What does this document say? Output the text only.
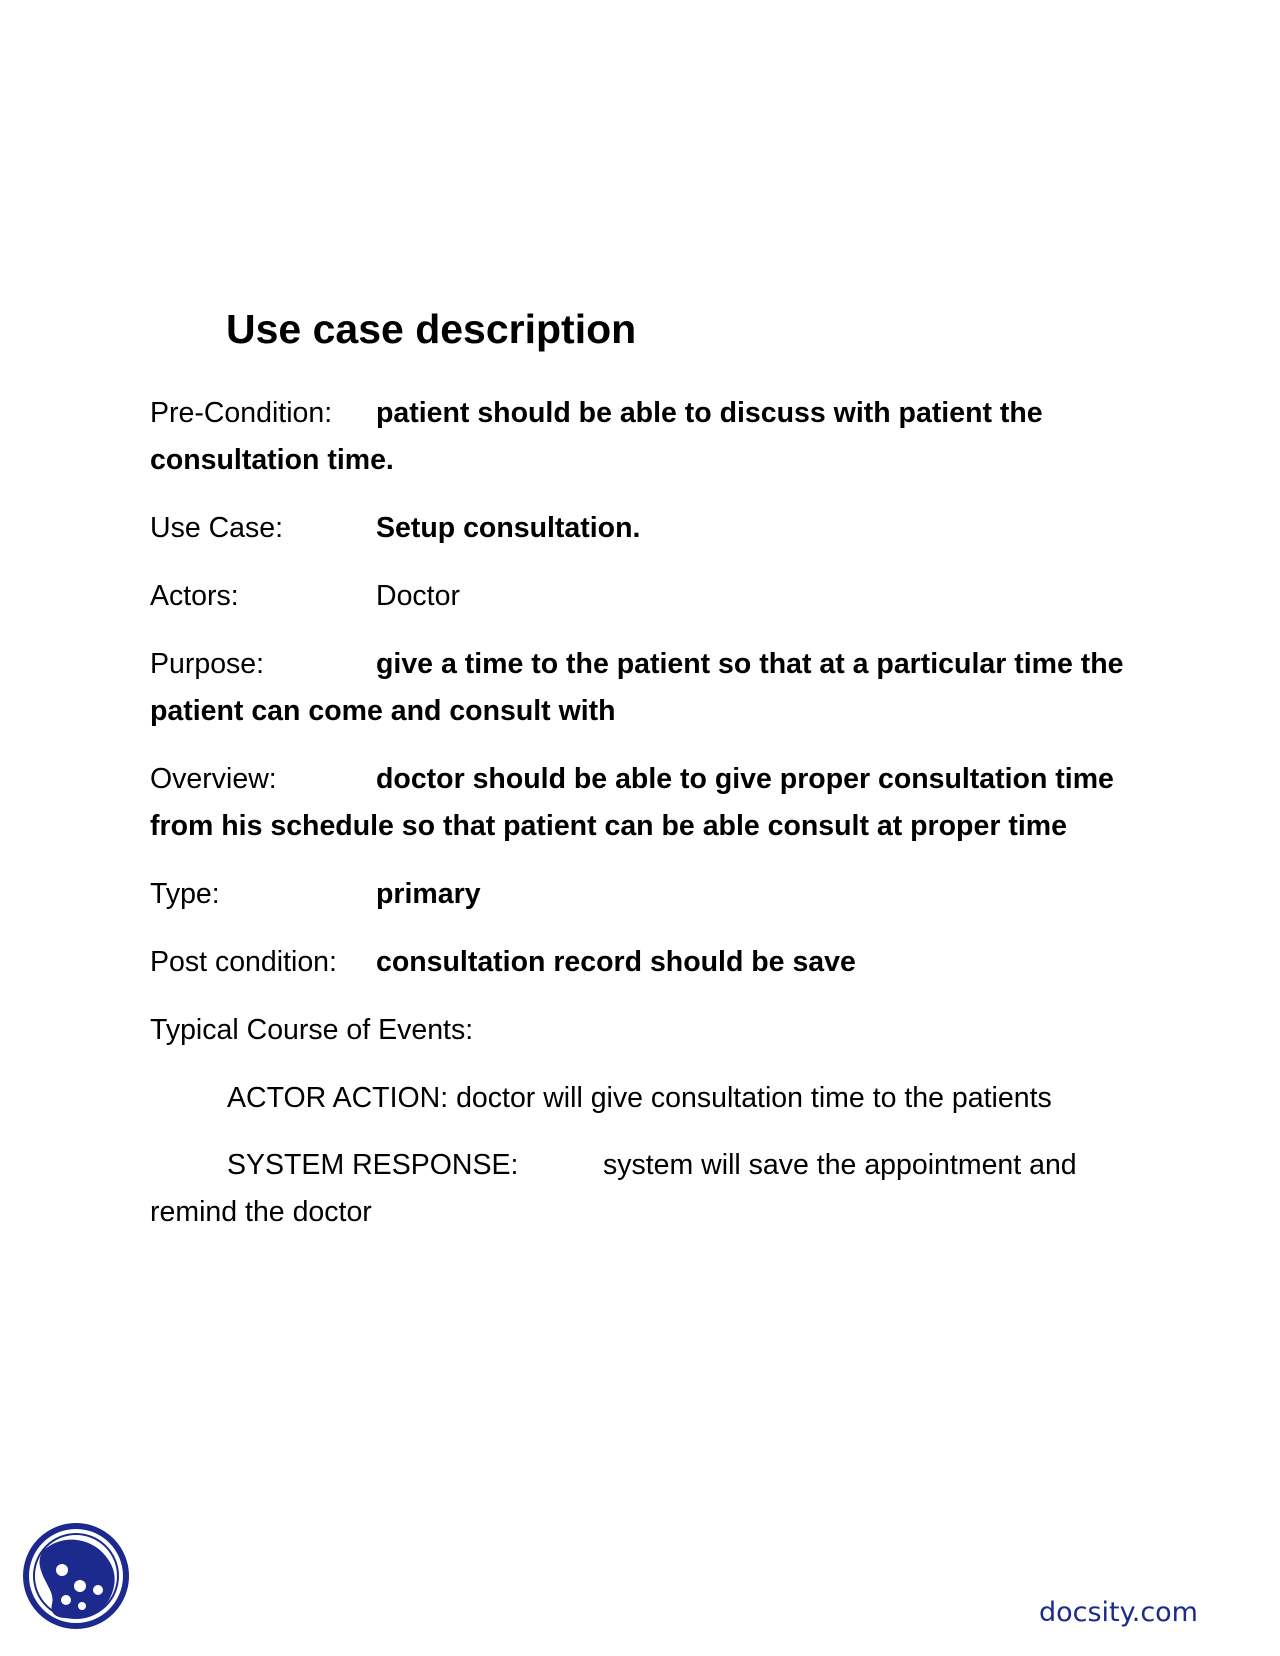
Use case description
Pre-Condition: patient should be able to discuss with patient the consultation time.
Use Case:	Setup consultation.
Actors:	Doctor
Purpose:	give a time to the patient so that at a particular time the patient can come and consult with
Overview:	doctor should be able to give proper consultation time from his schedule so that patient can be able consult at proper time
Type:	primary
Post condition: consultation record should be save
Typical Course of Events:
ACTOR ACTION: doctor will give consultation time to the patients
SYSTEM RESPONSE:	system will save the appointment and remind the doctor
docsity.com
